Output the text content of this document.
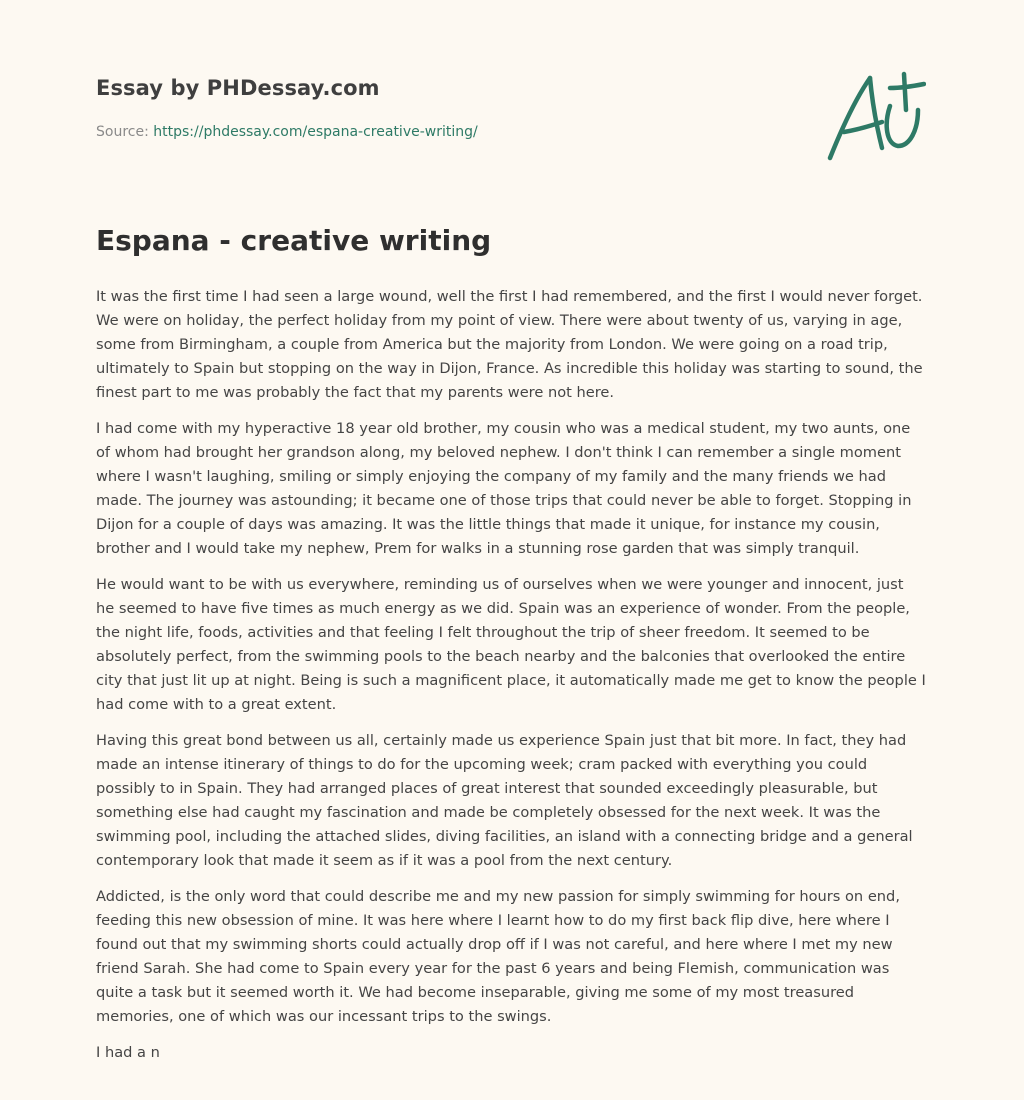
Essay by PHDessay.com
Source: https://phdessay.com/espana-creative-writing/
Espana - creative writing

It was the first time I had seen a large wound, well the first I had remembered, and the first I would never forget. We were on holiday, the perfect holiday from my point of view. There were about twenty of us, varying in age, some from Birmingham, a couple from America but the majority from London. We were going on a road trip, ultimately to Spain but stopping on the way in Dijon, France. As incredible this holiday was starting to sound, the finest part to me was probably the fact that my parents were not here.

I had come with my hyperactive 18 year old brother, my cousin who was a medical student, my two aunts, one of whom had brought her grandson along, my beloved nephew. I don't think I can remember a single moment where I wasn't laughing, smiling or simply enjoying the company of my family and the many friends we had made. The journey was astounding; it became one of those trips that could never be able to forget. Stopping in Dijon for a couple of days was amazing. It was the little things that made it unique, for instance my cousin, brother and I would take my nephew, Prem for walks in a stunning rose garden that was simply tranquil.

He would want to be with us everywhere, reminding us of ourselves when we were younger and innocent, just he seemed to have five times as much energy as we did. Spain was an experience of wonder. From the people, the night life, foods, activities and that feeling I felt throughout the trip of sheer freedom. It seemed to be absolutely perfect, from the swimming pools to the beach nearby and the balconies that overlooked the entire city that just lit up at night. Being is such a magnificent place, it automatically made me get to know the people I had come with to a great extent.

Having this great bond between us all, certainly made us experience Spain just that bit more. In fact, they had made an intense itinerary of things to do for the upcoming week; cram packed with everything you could possibly to in Spain. They had arranged places of great interest that sounded exceedingly pleasurable, but something else had caught my fascination and made be completely obsessed for the next week. It was the swimming pool, including the attached slides, diving facilities, an island with a connecting bridge and a general contemporary look that made it seem as if it was a pool from the next century.

Addicted, is the only word that could describe me and my new passion for simply swimming for hours on end, feeding this new obsession of mine. It was here where I learnt how to do my first back flip dive, here where I found out that my swimming shorts could actually drop off if I was not careful, and here where I met my new friend Sarah. She had come to Spain every year for the past 6 years and being Flemish, communication was quite a task but it seemed worth it. We had become inseparable, giving me some of my most treasured memories, one of which was our incessant trips to the swings.

I had a n
